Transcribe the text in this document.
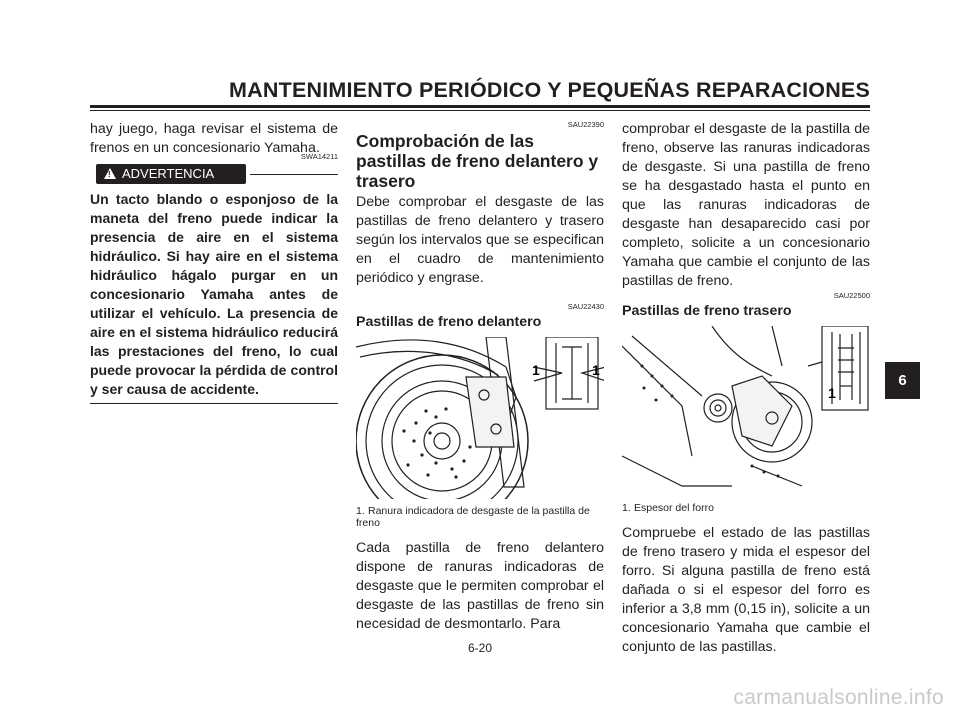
MANTENIMIENTO PERIÓDICO Y PEQUEÑAS REPARACIONES

hay juego, haga revisar el sistema de frenos en un concesionario Yamaha.

SWA14211

! ADVERTENCIA

Un tacto blando o esponjoso de la maneta del freno puede indicar la presencia de aire en el sistema hidráulico. Si hay aire en el sistema hidráulico hágalo purgar en un concesionario Yamaha antes de utilizar el vehículo. La presencia de aire en el sistema hidráulico reducirá las prestaciones del freno, lo cual puede provocar la pérdida de control y ser causa de accidente.

SAU22390

Comprobación de las pastillas de freno delantero y trasero

Debe comprobar el desgaste de las pastillas de freno delantero y trasero según los intervalos que se especifican en el cuadro de mantenimiento periódico y engrase.

SAU22430

Pastillas de freno delantero
1	1
1. Ranura indicadora de desgaste de la pastilla de freno

Cada pastilla de freno delantero dispone de ranuras indicadoras de desgaste que le permiten comprobar el desgaste de las pastillas de freno sin necesidad de desmontarlo. Para

comprobar el desgaste de la pastilla de freno, observe las ranuras indicadoras de desgaste. Si una pastilla de freno se ha desgastado hasta el punto en que las ranuras indicadoras de desgaste han desaparecido casi por completo, solicite a un concesionario Yamaha que cambie el conjunto de las pastillas de freno.

SAU22500

Pastillas de freno trasero
1
1. Espesor del forro

Compruebe el estado de las pastillas de freno trasero y mida el espesor del forro. Si alguna pastilla de freno está dañada o si el espesor del forro es inferior a 3,8 mm (0,15 in), solicite a un concesionario Yamaha que cambie el conjunto de las pastillas.

6
6-20
carmanualsonline.info
